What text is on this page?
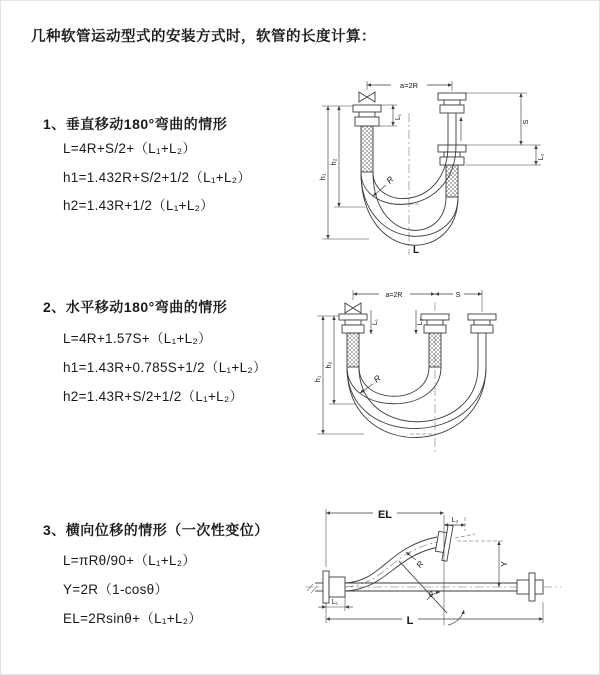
几种软管运动型式的安装方式时，软管的长度计算：
1、垂直移动180°弯曲的情形
L=4R+S/2+（L₁+L₂）
h1=1.432R+S/2+1/2（L₁+L₂）
h2=1.43R+1/2（L₁+L₂）
2、水平移动180°弯曲的情形
L=4R+1.57S+（L₁+L₂）
h1=1.43R+0.785S+1/2（L₁+L₂）
h2=1.43R+S/2+1/2（L₁+L₂）
3、横向位移的情形（一次性变位）
L=πRθ/90+（L₁+L₂）
Y=2R（1-cosθ）
EL=2Rsinθ+（L₁+L₂）
a=2R
S
L₂
L₁
h₁
h₂
R
L
a=2R	S
L₁	L₂
h₁
h₂
R
θ
R
EL	L₂
Y
L₁
L
